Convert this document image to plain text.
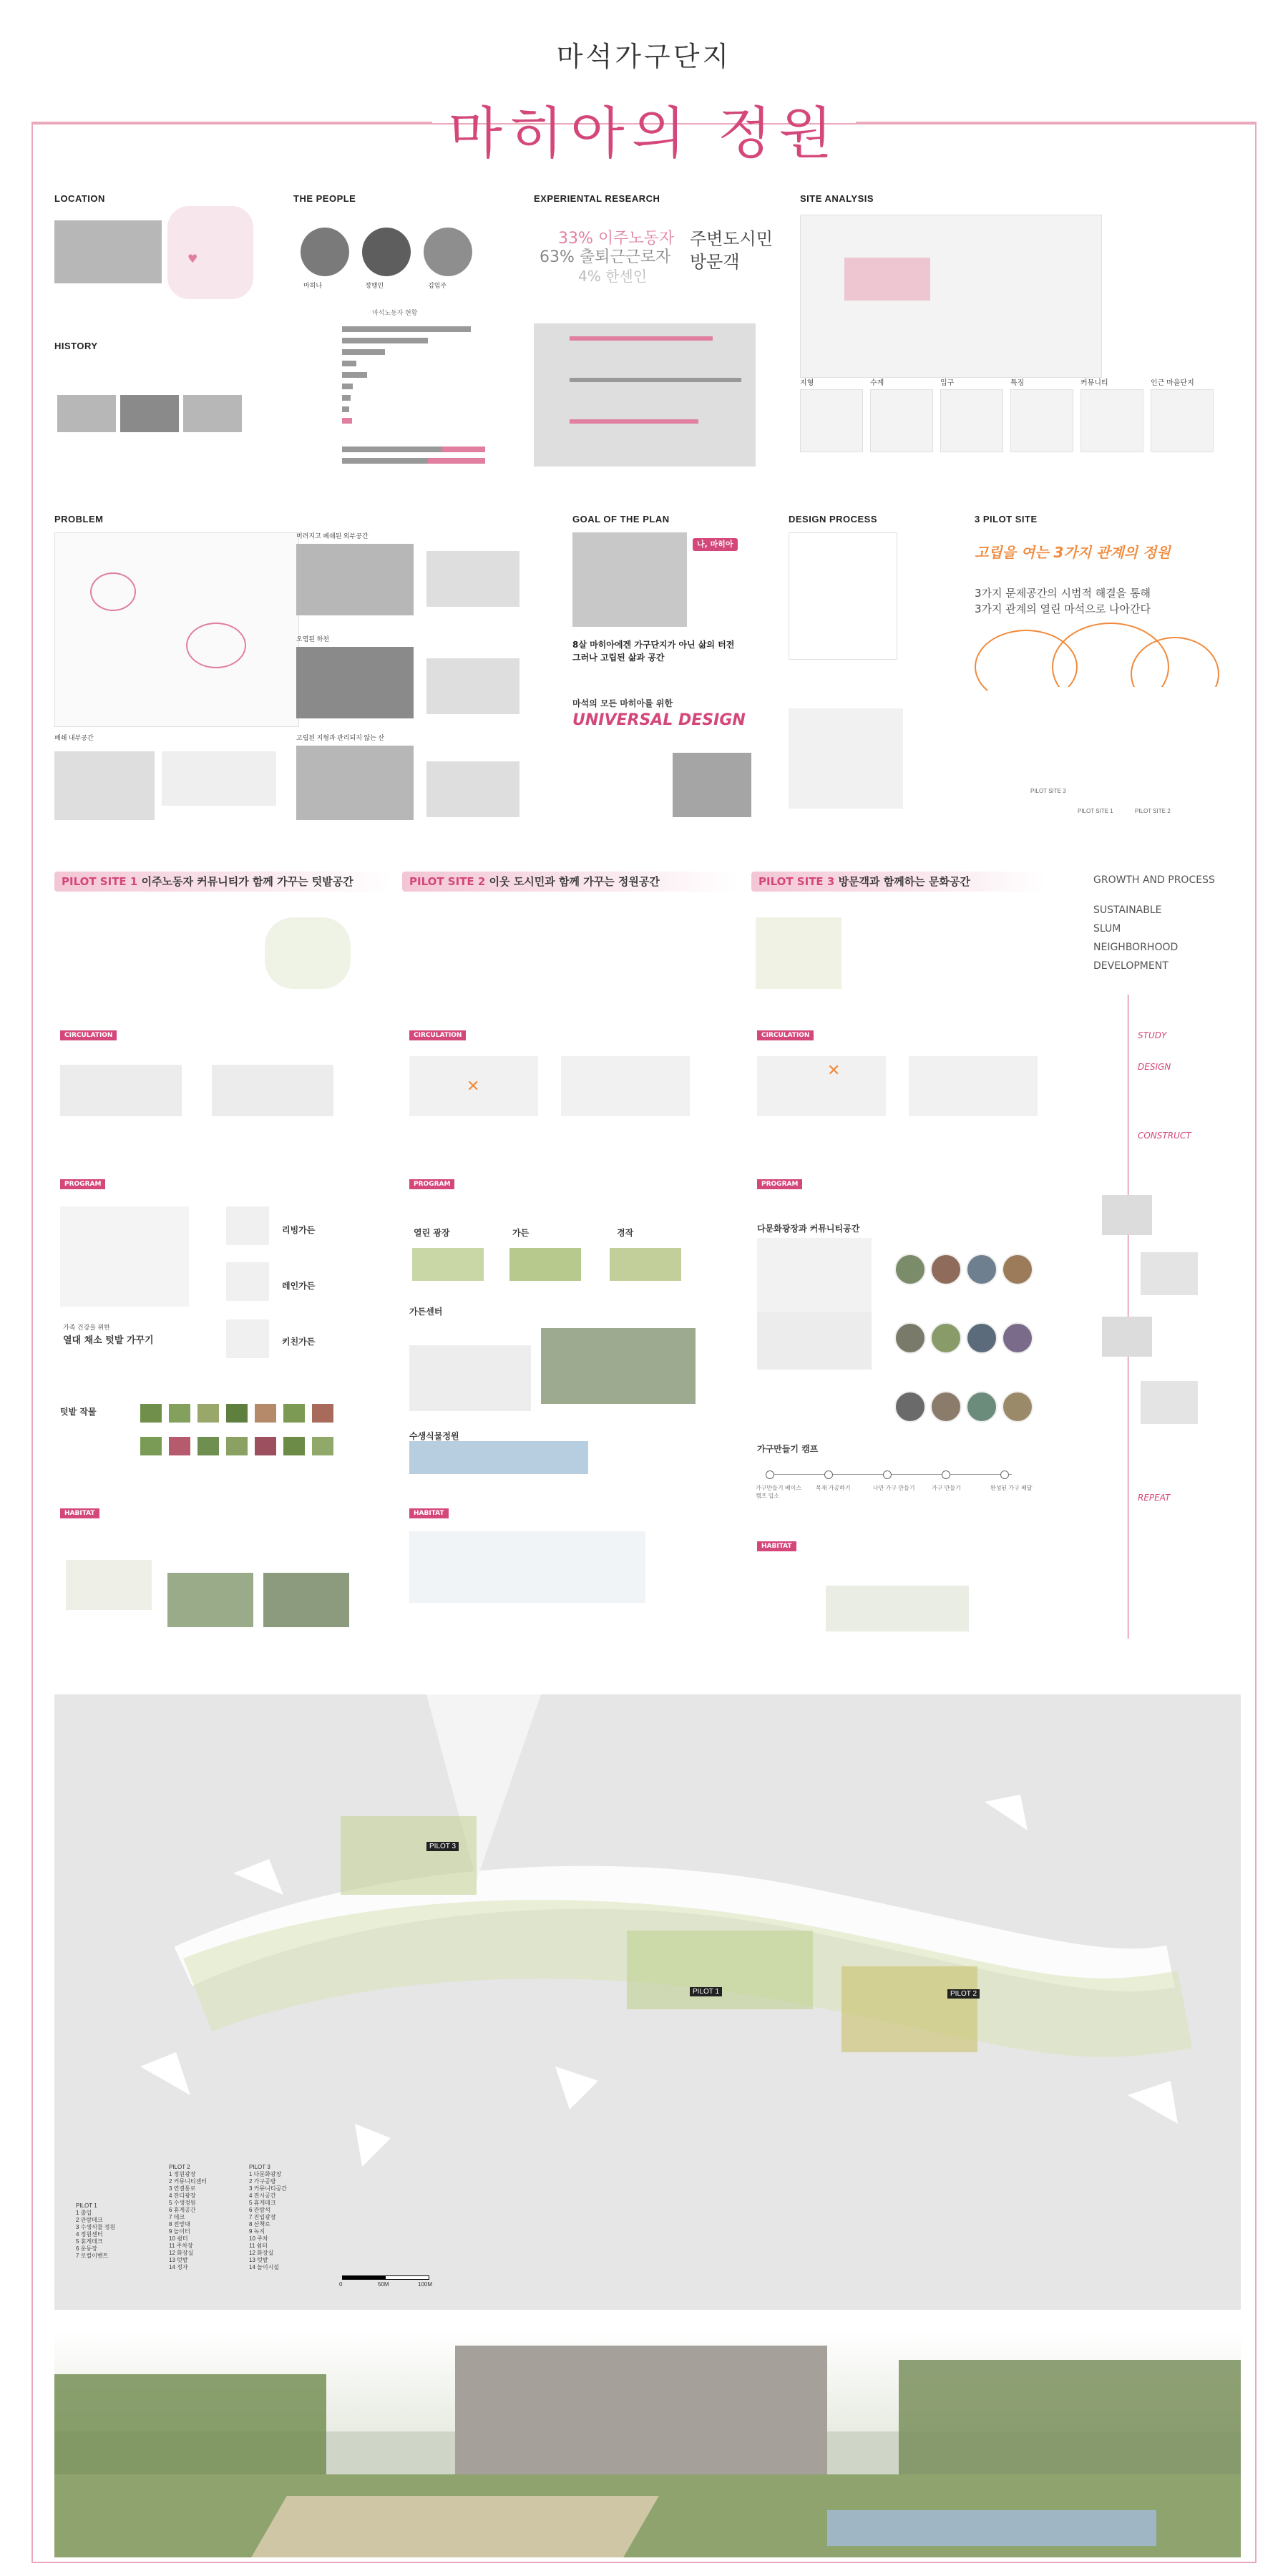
마석가구단지
마히아의 정원
LOCATION
♥
HISTORY
THE PEOPLE
마히나	정행인	김임주
마석노동자 현황
EXPERIENTAL RESEARCH
33% 이주노동자
63% 출퇴근근로자
4% 한센인
주변도시민
방문객
SITE ANALYSIS
지형	수계	입구	특징	커뮤니티	인근 마을단지
PROBLEM
버려지고 폐쇄된 외부공간
오염된 하천
고립된 지형과 관리되지 않는 산
폐쇄 내부공간
GOAL OF THE PLAN
나, 마히아
8살 마히아에겐 가구단지가 아닌 삶의 터전
그러나 고립된 삶과 공간
마석의 모든 마히아를 위한
UNIVERSAL DESIGN
DESIGN PROCESS	3 PILOT SITE
고립을 여는 3가지 관계의 정원
3가지 문제공간의 시범적 해결을 통해
3가지 관계의 열린 마석으로 나아간다
PILOT SITE 3
PILOT SITE 1	PILOT SITE 2
PILOT SITE 1 이주노동자 커뮤니티가 함께 가꾸는 텃밭공간	PILOT SITE 2 이웃 도시민과 함께 가꾸는 정원공간	PILOT SITE 3 방문객과 함께하는 문화공간
CIRCULATION
PROGRAM
리빙가든
레인가든
키친가든
가족 건강을 위한
열대 채소 텃밭 가꾸기
텃밭 작물
HABITAT
CIRCULATION
✕
PROGRAM
열린 광장	가든	경작
가든센터
수생식물정원
HABITAT
CIRCULATION
✕
PROGRAM
다문화광장과 커뮤니티공간
가구만들기 캠프
가구만들기 베이스캠프 입소
목재 가공하기	나만 가구 만들기	가구 만들기	완성된 가구 배달
HABITAT
GROWTH AND PROCESS
SUSTAINABLE
SLUM
NEIGHBORHOOD
DEVELOPMENT
STUDY
DESIGN
CONSTRUCT
REPEAT
PILOT 3
PILOT 1	PILOT 2
PILOT 1
1 출입
2 관람데크
3 수생식물 정원
4 정원센터
5 휴게데크
6 운동장
7 로컬이벤트
PILOT 2
1 정원광장
2 커뮤니티센터
3 연결통로
4 잔디광장
5 수생정원
6 휴게공간
7 데크
8 전망대
9 놀이터
10 쉼터
11 주차장
12 화장실
13 텃밭
14 정자
PILOT 3
1 다문화광장
2 가구공방
3 커뮤니티공간
4 전시공간
5 휴게데크
6 관람석
7 진입광장
8 산책로
9 녹지
10 주차
11 쉼터
12 화장실
13 텃밭
14 놀이시설
0	50M	100M
